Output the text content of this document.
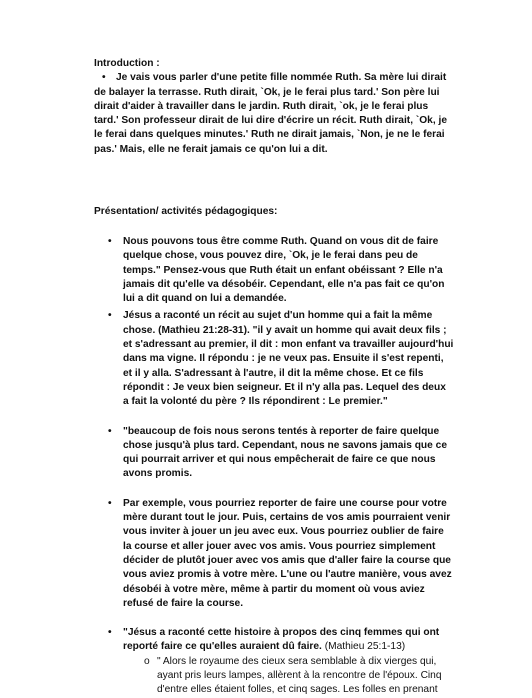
Introduction :

• Je vais vous parler d'une petite fille nommée Ruth. Sa mère lui dirait de balayer la terrasse. Ruth dirait, `Ok, je le ferai plus tard.' Son père lui dirait d'aider à travailler dans le jardin. Ruth dirait, `ok, je le ferai plus tard.' Son professeur dirait de lui dire d'écrire un récit. Ruth dirait, `Ok, je le ferai dans quelques minutes.' Ruth ne dirait jamais, `Non, je ne le ferai pas.' Mais, elle ne ferait jamais ce qu'on lui a dit.

Présentation/ activités pédagogiques:

• Nous pouvons tous être comme Ruth. Quand on vous dit de faire quelque chose, vous pouvez dire, `Ok, je le ferai dans peu de temps." Pensez-vous que Ruth était un enfant obéissant ? Elle n'a jamais dit qu'elle va désobéir. Cependant, elle n'a pas fait ce qu'on lui a dit quand on lui a demandée.
• Jésus a raconté un récit au sujet d'un homme qui a fait la même chose. (Mathieu 21:28-31). "il y avait un homme qui avait deux fils ; et s'adressant au premier, il dit : mon enfant va travailler aujourd'hui dans ma vigne. Il répondu : je ne veux pas. Ensuite il s'est repenti, et il y alla. S'adressant à l'autre, il dit la même chose. Et ce fils répondit : Je veux bien seigneur. Et il n'y alla pas. Lequel des deux a fait la volonté du père ? Ils répondirent : Le premier."
• "beaucoup de fois nous serons tentés à reporter de faire quelque chose jusqu'à plus tard. Cependant, nous ne savons jamais que ce qui pourrait arriver et qui nous empêcherait de faire ce que nous avons promis.
• Par exemple, vous pourriez reporter de faire une course pour votre mère durant tout le jour. Puis, certains de vos amis pourraient venir vous inviter à jouer un jeu avec eux. Vous pourriez oublier de faire la course et aller jouer avec vos amis. Vous pourriez simplement décider de plutôt jouer avec vos amis que d'aller faire la course que vous aviez promis à votre mère. L'une ou l'autre manière, vous avez désobéi à votre mère, même à partir du moment où vous aviez refusé de faire la course.
• "Jésus a raconté cette histoire à propos des cinq femmes qui ont reporté faire ce qu'elles auraient dû faire. (Mathieu 25:1-13)
o " Alors le royaume des cieux sera semblable à dix vierges qui, ayant pris leurs lampes, allèrent à la rencontre de l'époux. Cinq d'entre elles étaient folles, et cinq sages. Les folles en prenant
